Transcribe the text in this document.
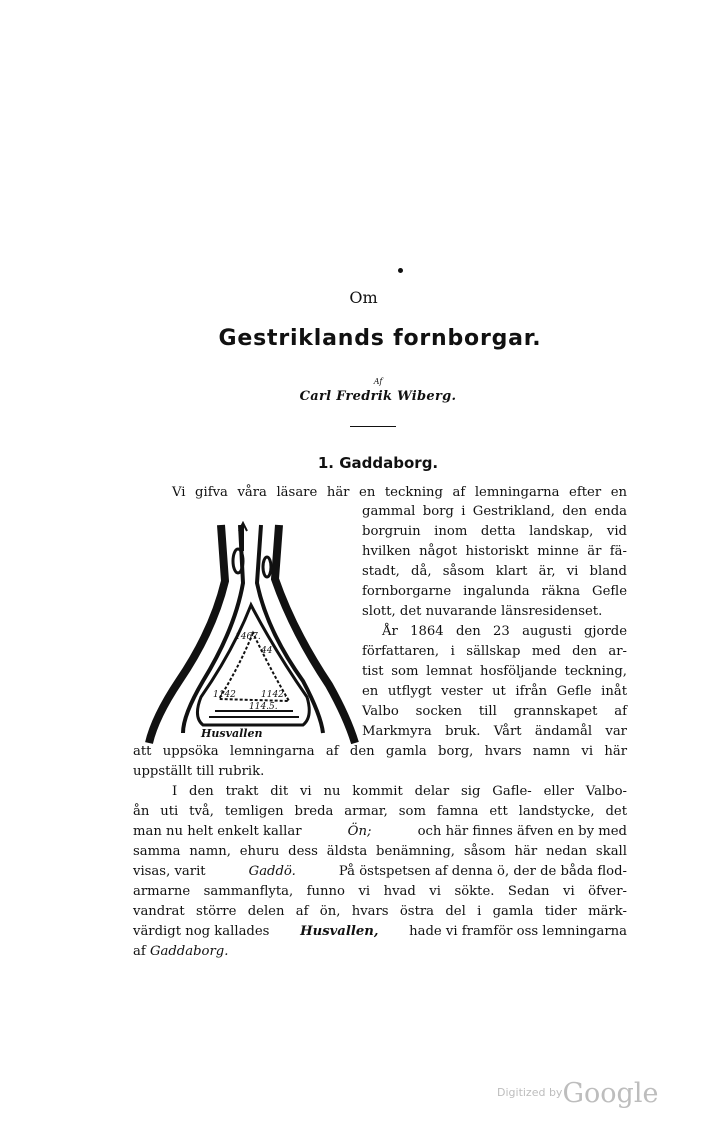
Om
Gestriklands fornborgar.
Af
Carl Fredrik Wiberg.
1. Gaddaborg.
Vi gifva våra läsare här en teckning af lemningarna efter en
gammal borg i Gestrikland, den enda
borgruin inom detta landskap, vid
hvilken något historiskt minne är fä-
stadt, då, såsom klart är, vi bland
fornborgarne ingalunda räkna Gefle
slott, det nuvarande länsresidenset.
År 1864 den 23 augusti gjorde
författaren, i sällskap med den ar-
tist som lemnat hosföljande teckning,
en utflygt vester ut ifrån Gefle inåt
Valbo socken till grannskapet af
Markmyra bruk. Vårt ändamål var
att uppsöka lemningarna af den gamla borg, hvars namn vi här
uppställt till rubrik.
I den trakt dit vi nu kommit delar sig Gafle- eller Valbo-
ån uti två, temligen breda armar, som famna ett landstycke, det
man nu helt enkelt kallar	Ön;	och här finnes äfven en by med
samma namn, ehuru dess äldsta benämning, såsom här nedan skall
visas, varit	Gaddö.	På östspetsen af denna ö, der de båda flod-
armarne sammanflyta, funno vi hvad vi sökte. Sedan vi öfver-
vandrat större delen af ön, hvars östra del i gamla tider märk-
värdigt nog kallades Husvallen, hade vi framför oss lemningarna
af Gaddaborg.
1467.
44
1142.
1142
114.5.
Husvallen
$^{Digitized by}$Google
